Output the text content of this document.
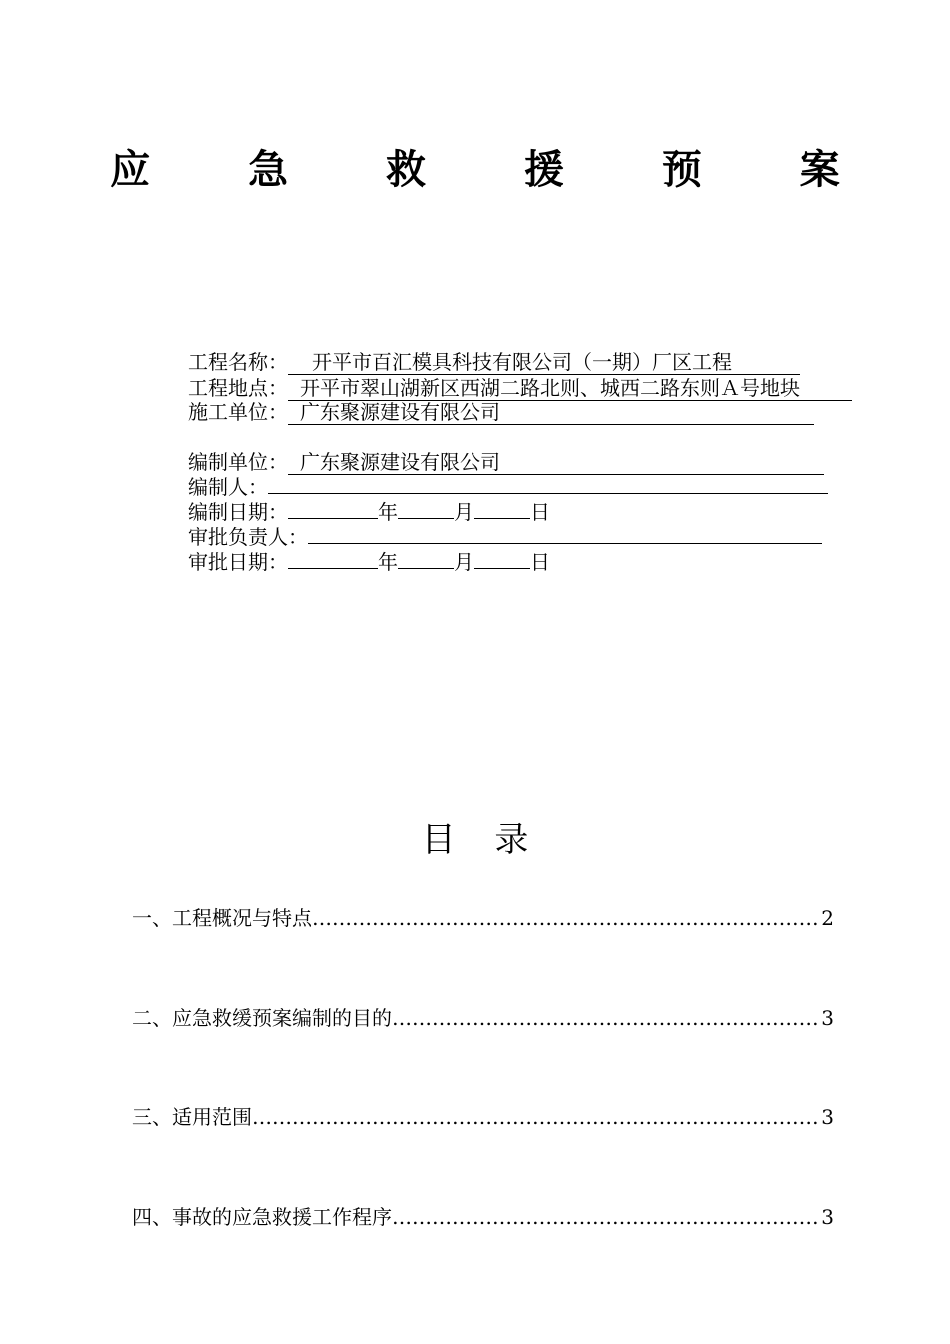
应 急 救 援 预 案
工程名称： 开平市百汇模具科技有限公司（一期）厂区工程
工程地点： 开平市翠山湖新区西湖二路北则、城西二路东则Ａ号地块
施工单位： 广东聚源建设有限公司
编制单位： 广东聚源建设有限公司
编制人：
编制日期：	年	月	日
审批负责人：
审批日期：	年	月	日
目 录
一、工程概况与特点 ……………………………………………………………………………………………………………………………………………………………………	2
二、应急救缓预案编制的目的 ……………………………………………………………………………………………………………………………………………………………………	3
三、适用范围 ……………………………………………………………………………………………………………………………………………………………………	3
四、事故的应急救援工作程序 ……………………………………………………………………………………………………………………………………………………………………	3
